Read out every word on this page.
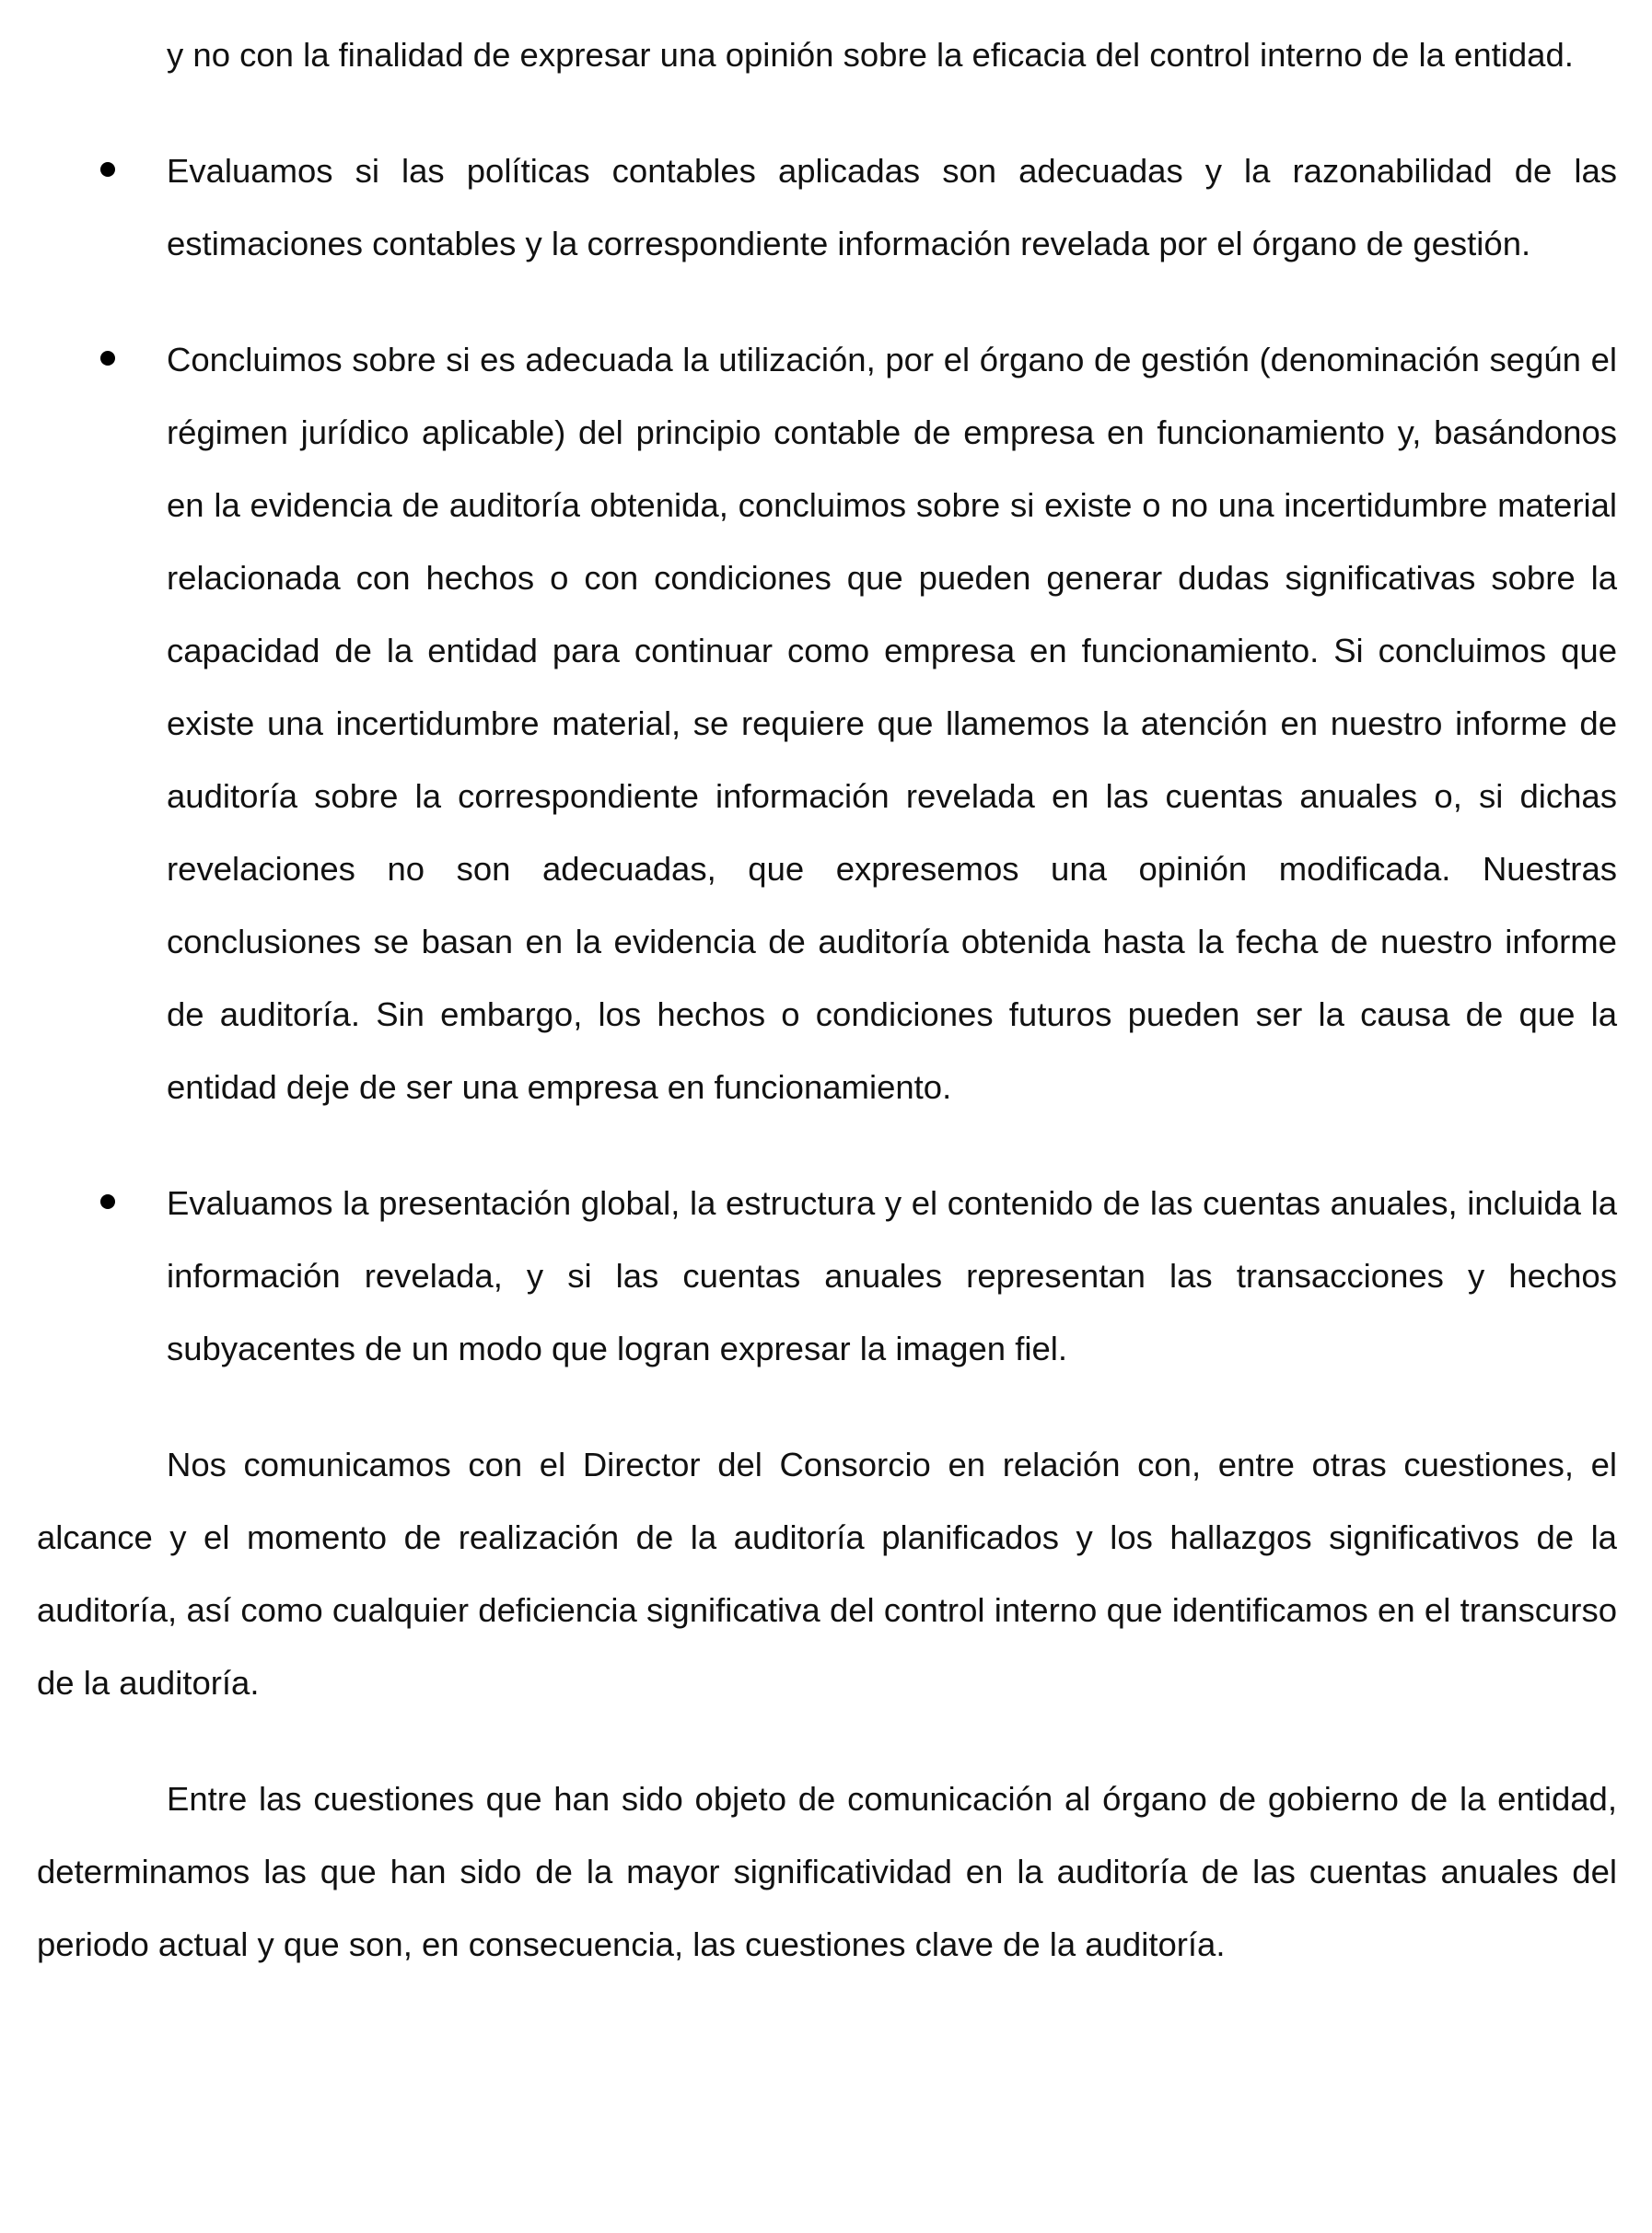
y no con la finalidad de expresar una opinión sobre la eficacia del control interno de la entidad.

Evaluamos si las políticas contables aplicadas son adecuadas y la razonabilidad de las estimaciones contables y la correspondiente información revelada por el órgano de gestión.

Concluimos sobre si es adecuada la utilización, por el órgano de gestión (denominación según el régimen jurídico aplicable) del principio contable de empresa en funcionamiento y, basándonos en la evidencia de auditoría obtenida, concluimos sobre si existe o no una incertidumbre material relacionada con hechos o con condiciones que pueden generar dudas significativas sobre la capacidad de la entidad para continuar como empresa en funcionamiento. Si concluimos que existe una incertidumbre material, se requiere que llamemos la atención en nuestro informe de auditoría sobre la correspondiente información revelada en las cuentas anuales o, si dichas revelaciones no son adecuadas, que expresemos una opinión modificada. Nuestras conclusiones se basan en la evidencia de auditoría obtenida hasta la fecha de nuestro informe de auditoría. Sin embargo, los hechos o condiciones futuros pueden ser la causa de que la entidad deje de ser una empresa en funcionamiento.

Evaluamos la presentación global, la estructura y el contenido de las cuentas anuales, incluida la información revelada, y si las cuentas anuales representan las transacciones y hechos subyacentes de un modo que logran expresar la imagen fiel.

Nos comunicamos con el Director del Consorcio en relación con, entre otras cuestiones, el alcance y el momento de realización de la auditoría planificados y los hallazgos significativos de la auditoría, así como cualquier deficiencia significativa del control interno que identificamos en el transcurso de la auditoría.

Entre las cuestiones que han sido objeto de comunicación al órgano de gobierno de la entidad, determinamos las que han sido de la mayor significatividad en la auditoría de las cuentas anuales del periodo actual y que son, en consecuencia, las cuestiones clave de la auditoría.
